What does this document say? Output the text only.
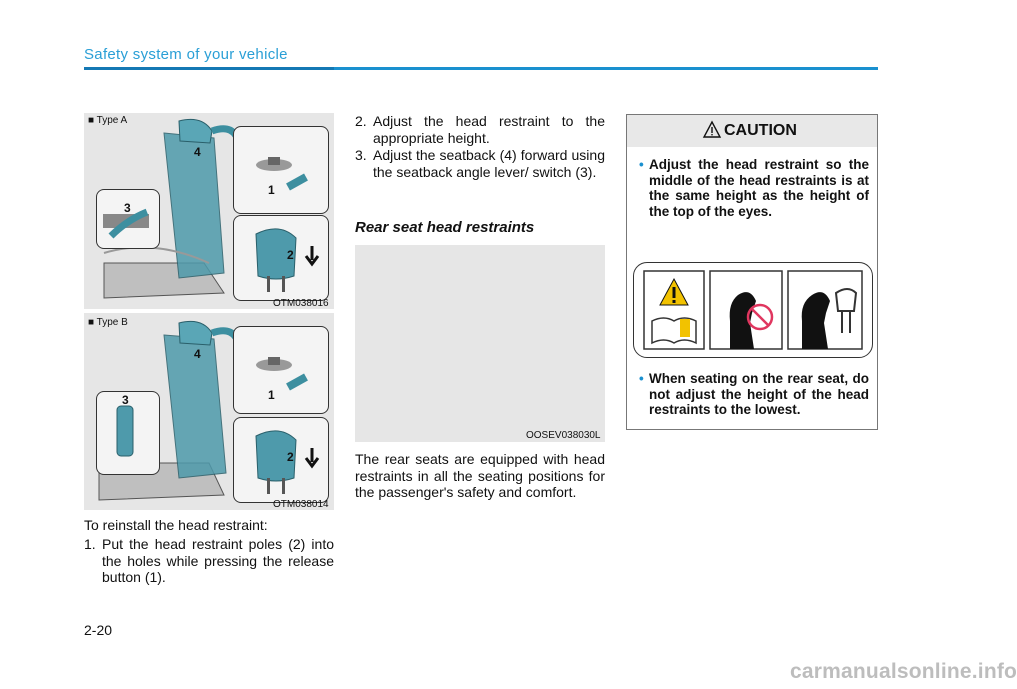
Safety system of your vehicle
1
2
3
4
■ Type A
OTM038016
1
2
3
4
■ Type B
OTM038014
To reinstall the head restraint:
1. Put the head restraint poles (2) into the holes while pressing the release button (1).
2. Adjust the head restraint to the appropriate height.
3. Adjust the seatback (4) forward using the seatback angle lever/ switch (3).
Rear seat head restraints
OOSEV038030L
The rear seats are equipped with head restraints in all the seating positions for the passenger's safety and comfort.
CAUTION
• Adjust the head restraint so the middle of the head restraints is at the same height as the height of the top of the eyes.
• When seating on the rear seat, do not adjust the height of the head restraints to the lowest.
2-20
carmanualsonline.info
